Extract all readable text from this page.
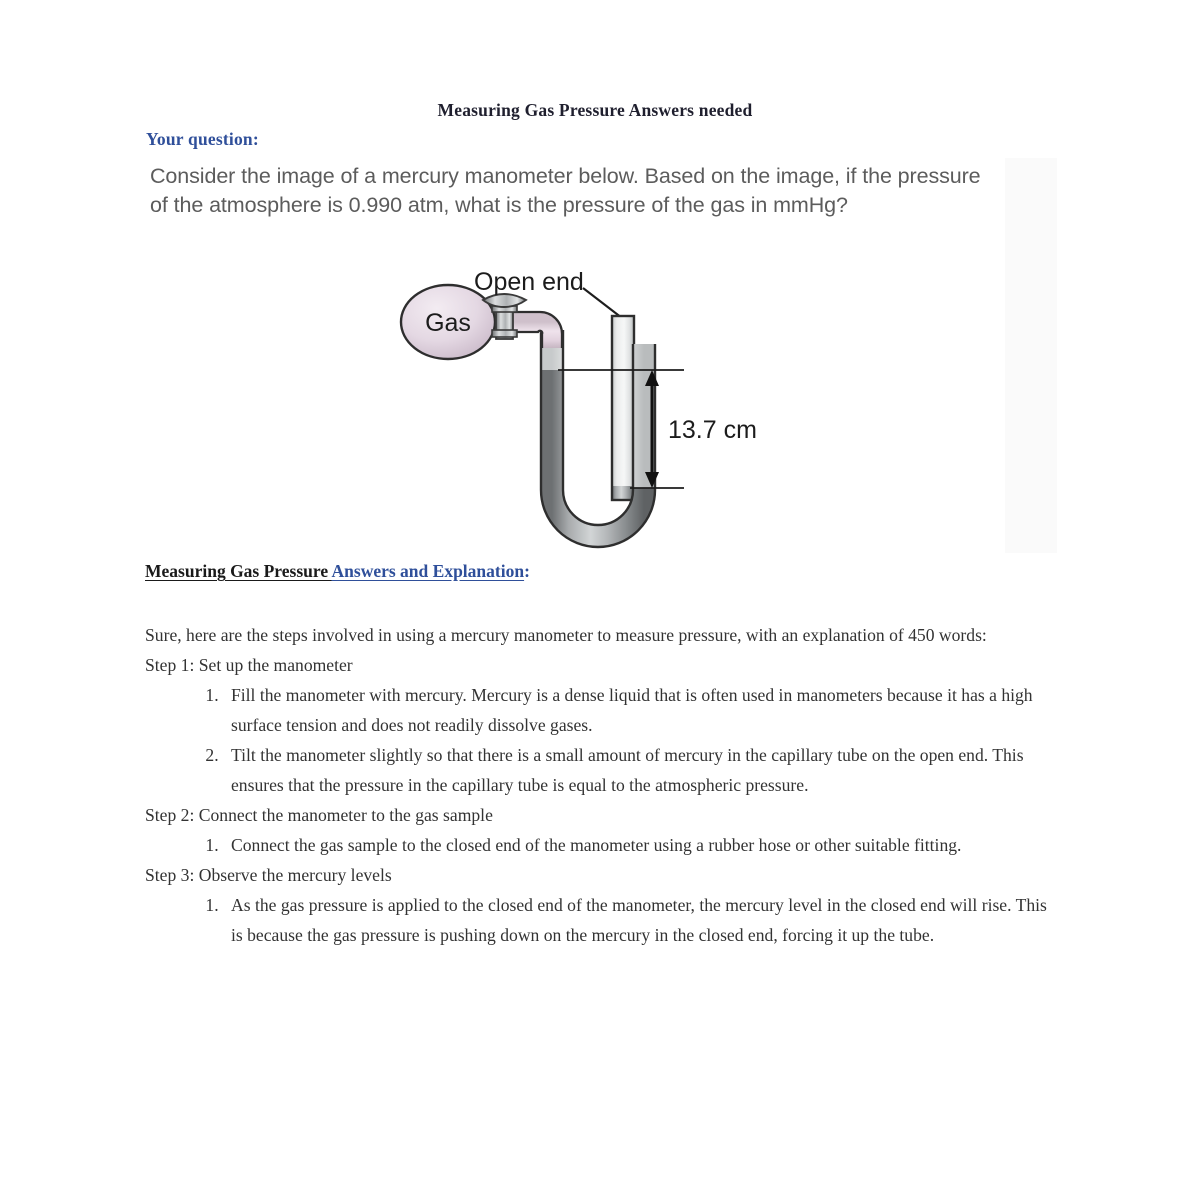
Measuring Gas Pressure Answers needed
Your question:
Consider the image of a mercury manometer below. Based on the image, if the pressure of the atmosphere is 0.990 atm, what is the pressure of the gas in mmHg?
Gas
Open end
13.7 cm
Measuring Gas Pressure Answers and Explanation:

Sure, here are the steps involved in using a mercury manometer to measure pressure, with an explanation of 450 words:

Step 1: Set up the manometer

1. Fill the manometer with mercury. Mercury is a dense liquid that is often used in manometers because it has a high surface tension and does not readily dissolve gases.
2. Tilt the manometer slightly so that there is a small amount of mercury in the capillary tube on the open end. This ensures that the pressure in the capillary tube is equal to the atmospheric pressure.

Step 2: Connect the manometer to the gas sample

1. Connect the gas sample to the closed end of the manometer using a rubber hose or other suitable fitting.

Step 3: Observe the mercury levels

1. As the gas pressure is applied to the closed end of the manometer, the mercury level in the closed end will rise. This is because the gas pressure is pushing down on the mercury in the closed end, forcing it up the tube.
